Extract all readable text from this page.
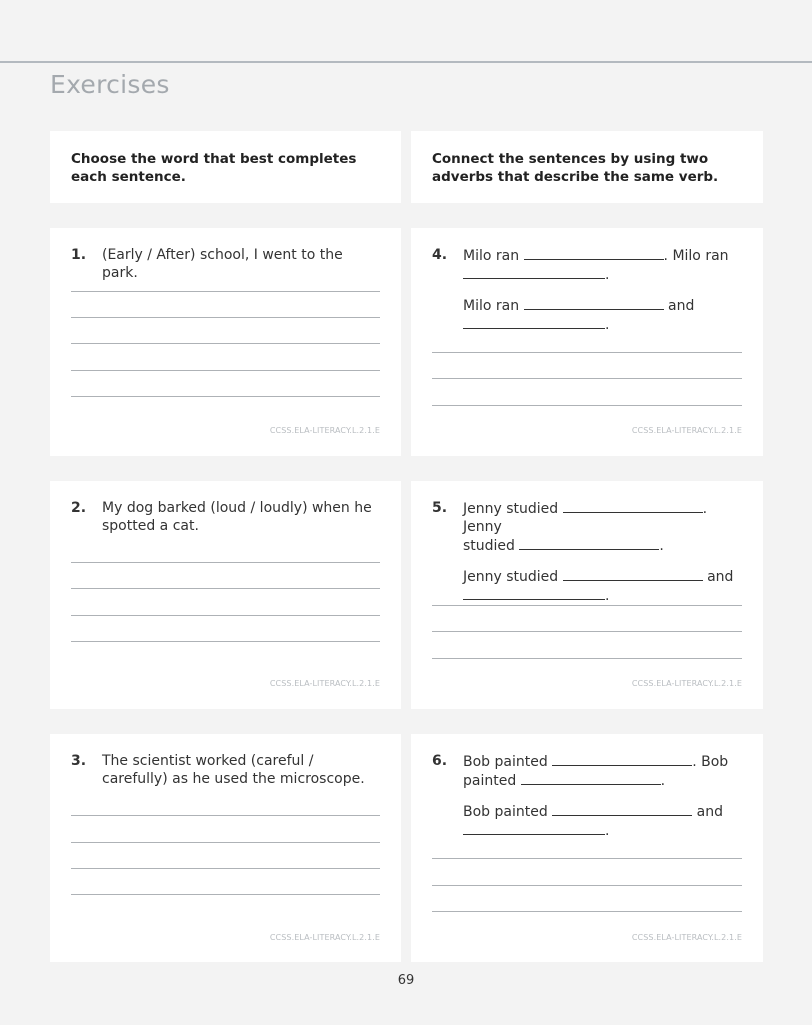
Exercises
Choose the word that best completes each sentence.
Connect the sentences by using two adverbs that describe the same verb.
1. (Early / After) school, I went to the park.
CCSS.ELA-LITERACY.L.2.1.E
2. My dog barked (loud / loudly) when he spotted a cat.
CCSS.ELA-LITERACY.L.2.1.E
3. The scientist worked (careful / carefully) as he used the microscope.
CCSS.ELA-LITERACY.L.2.1.E
4. Milo ran	. Milo ran
.
Milo ran	and
.
CCSS.ELA-LITERACY.L.2.1.E
5. Jenny studied	. Jenny
studied	.
Jenny studied	and
.
CCSS.ELA-LITERACY.L.2.1.E
6. Bob painted	. Bob
painted	.
Bob painted	and
.
CCSS.ELA-LITERACY.L.2.1.E
69
